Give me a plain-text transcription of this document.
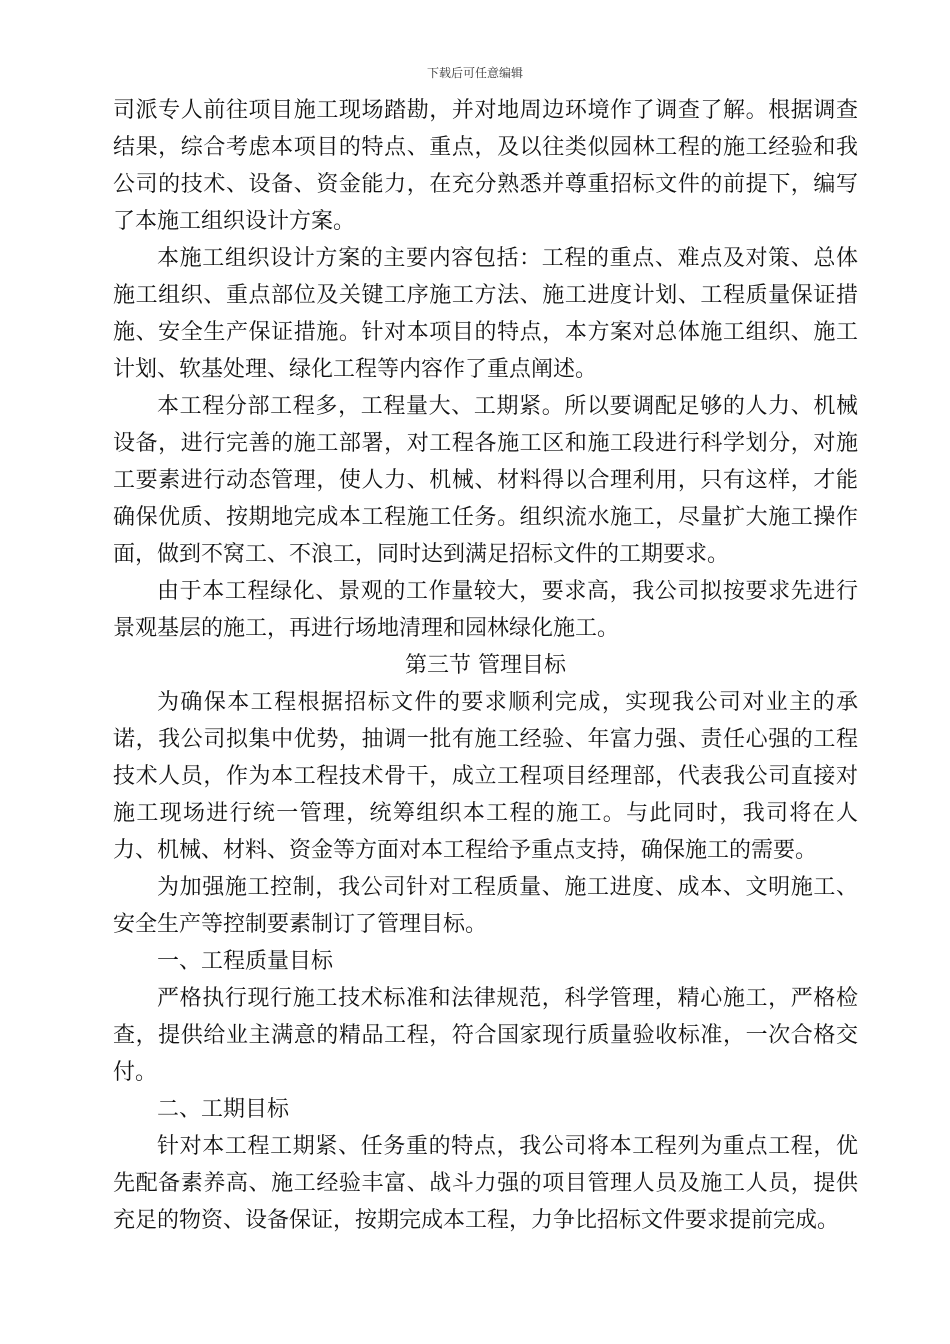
下载后可任意编辑

司派专人前往项目施工现场踏勘，并对地周边环境作了调查了解。根据调查结果，综合考虑本项目的特点、重点，及以往类似园林工程的施工经验和我公司的技术、设备、资金能力，在充分熟悉并尊重招标文件的前提下，编写了本施工组织设计方案。

本施工组织设计方案的主要内容包括：工程的重点、难点及对策、总体施工组织、重点部位及关键工序施工方法、施工进度计划、工程质量保证措施、安全生产保证措施。针对本项目的特点，本方案对总体施工组织、施工计划、软基处理、绿化工程等内容作了重点阐述。

本工程分部工程多，工程量大、工期紧。所以要调配足够的人力、机械设备，进行完善的施工部署，对工程各施工区和施工段进行科学划分，对施工要素进行动态管理，使人力、机械、材料得以合理利用，只有这样，才能确保优质、按期地完成本工程施工任务。组织流水施工，尽量扩大施工操作面，做到不窝工、不浪工，同时达到满足招标文件的工期要求。

由于本工程绿化、景观的工作量较大，要求高，我公司拟按要求先进行景观基层的施工，再进行场地清理和园林绿化施工。

第三节 管理目标

为确保本工程根据招标文件的要求顺利完成，实现我公司对业主的承诺，我公司拟集中优势，抽调一批有施工经验、年富力强、责任心强的工程技术人员，作为本工程技术骨干，成立工程项目经理部，代表我公司直接对施工现场进行统一管理，统筹组织本工程的施工。与此同时，我司将在人力、机械、材料、资金等方面对本工程给予重点支持，确保施工的需要。

为加强施工控制，我公司针对工程质量、施工进度、成本、文明施工、安全生产等控制要素制订了管理目标。

一、工程质量目标

严格执行现行施工技术标准和法律规范，科学管理，精心施工，严格检查，提供给业主满意的精品工程，符合国家现行质量验收标准，一次合格交付。

二、工期目标

针对本工程工期紧、任务重的特点，我公司将本工程列为重点工程，优先配备素养高、施工经验丰富、战斗力强的项目管理人员及施工人员，提供充足的物资、设备保证，按期完成本工程，力争比招标文件要求提前完成。
